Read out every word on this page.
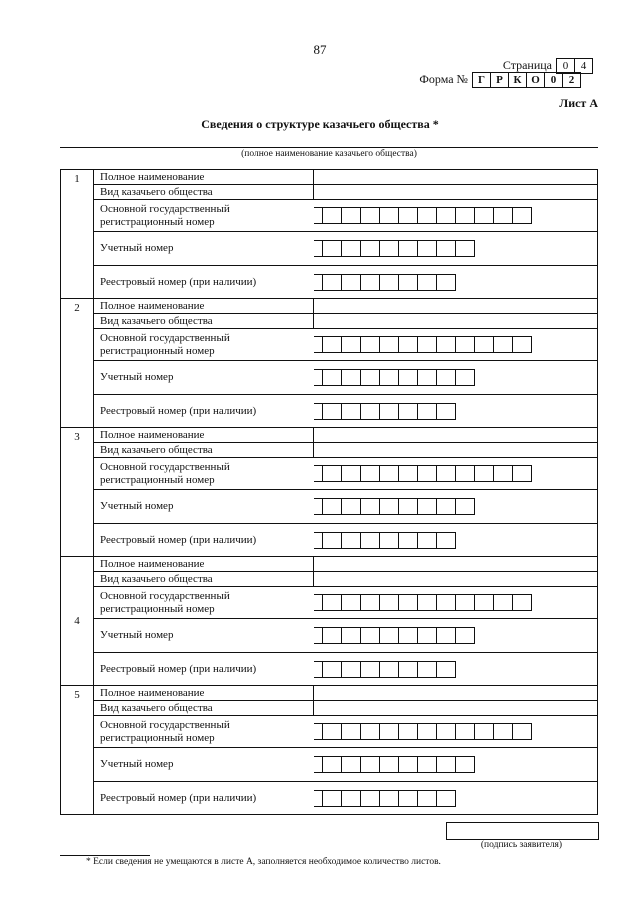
87
Страница 0	4
Форма № Г	Р К О 0	2
Лист А
Сведения о структуре казачьего общества *
(полное наименование казачьего общества)
1	Полное наименование	
	Вид казачьего общества	

	Основной государственный
регистрационный номер	

	Учетный номер	

	Реестровый номер (при наличии)	

2	Полное наименование	
	Вид казачьего общества	

	Основной государственный
регистрационный номер	

	Учетный номер	

	Реестровый номер (при наличии)	

3	Полное наименование	
	Вид казачьего общества	

	Основной государственный
регистрационный номер	

	Учетный номер	

	Реестровый номер (при наличии)	

4	Полное наименование	
	Вид казачьего общества	

	Основной государственный
регистрационный номер	

	Учетный номер	

	Реестровый номер (при наличии)	

5	Полное наименование	
	Вид казачьего общества	

	Основной государственный
регистрационный номер	

	Учетный номер	

	Реестровый номер (при наличии)	
(подпись заявителя)
* Если сведения не умещаются в листе А, заполняется необходимое количество листов.
